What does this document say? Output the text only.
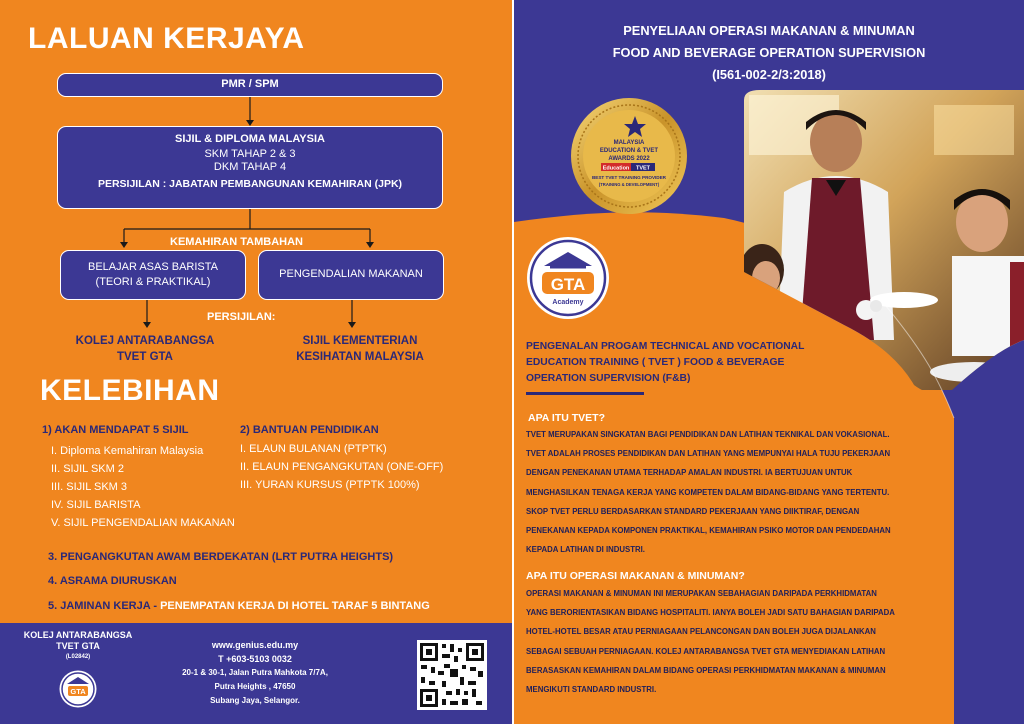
LALUAN KERJAYA
PMR / SPM
SIJIL & DIPLOMA MALAYSIA
SKM TAHAP 2 & 3
DKM TAHAP 4
PERSIJILAN : JABATAN PEMBANGUNAN KEMAHIRAN (JPK)
KEMAHIRAN TAMBAHAN
BELAJAR ASAS BARISTA
(TEORI & PRAKTIKAL)
PENGENDALIAN MAKANAN
PERSIJILAN:
KOLEJ ANTARABANGSA
TVET GTA
SIJIL KEMENTERIAN
KESIHATAN MALAYSIA
KELEBIHAN
1) AKAN MENDAPAT 5 SIJIL
I. Diploma Kemahiran Malaysia
II. SIJIL SKM 2
III. SIJIL SKM 3
IV. SIJIL BARISTA
V. SIJIL PENGENDALIAN MAKANAN
2) BANTUAN PENDIDIKAN
I. ELAUN BULANAN (PTPTK)
II. ELAUN PENGANGKUTAN (ONE-OFF)
III. YURAN KURSUS (PTPTK 100%)
3. PENGANGKUTAN AWAM BERDEKATAN (LRT PUTRA HEIGHTS)
4. ASRAMA DIURUSKAN
5. JAMINAN KERJA - PENEMPATAN KERJA DI HOTEL TARAF 5 BINTANG
KOLEJ ANTARABANGSA
TVET GTA
(L02842)
GTA
www.genius.edu.my
T +603-5103 0032
20-1 & 30-1, Jalan Putra Mahkota 7/7A,
Putra Heights , 47650
Subang Jaya, Selangor.
PENYELIAAN OPERASI MAKANAN & MINUMAN
FOOD AND BEVERAGE OPERATION SUPERVISION
(I561-002-2/3:2018)
MALAYSIA
EDUCATION & TVET
AWARDS 2022
Education TVET
BEST TVET TRAINING PROVIDER
(TRAINING & DEVELOPMENT)
GTA
Academy
PENGENALAN PROGAM TECHNICAL AND VOCATIONAL
EDUCATION TRAINING ( TVET ) FOOD & BEVERAGE
OPERATION SUPERVISION (F&B)
APA ITU TVET?
TVET MERUPAKAN SINGKATAN BAGI PENDIDIKAN DAN LATIHAN TEKNIKAL DAN VOKASIONAL.
TVET ADALAH PROSES PENDIDIKAN DAN LATIHAN YANG MEMPUNYAI HALA TUJU PEKERJAAN
DENGAN PENEKANAN UTAMA TERHADAP AMALAN INDUSTRI. IA BERTUJUAN UNTUK
MENGHASILKAN TENAGA KERJA YANG KOMPETEN DALAM BIDANG-BIDANG YANG TERTENTU.
SKOP TVET PERLU BERDASARKAN STANDARD PEKERJAAN YANG DIIKTIRAF, DENGAN
PENEKANAN KEPADA KOMPONEN PRAKTIKAL, KEMAHIRAN PSIKO MOTOR DAN PENDEDAHAN
KEPADA LATIHAN DI INDUSTRI.
APA ITU OPERASI MAKANAN & MINUMAN?
OPERASI MAKANAN & MINUMAN INI MERUPAKAN SEBAHAGIAN DARIPADA PERKHIDMATAN
YANG BERORIENTASIKAN BIDANG HOSPITALITI. IANYA BOLEH JADI SATU BAHAGIAN DARIPADA
HOTEL-HOTEL BESAR ATAU PERNIAGAAN PELANCONGAN DAN BOLEH JUGA DIJALANKAN
SEBAGAI SEBUAH PERNIAGAAN. KOLEJ ANTARABANGSA TVET GTA MENYEDIAKAN LATIHAN
BERASASKAN KEMAHIRAN DALAM BIDANG OPERASI PERKHIDMATAN MAKANAN & MINUMAN
MENGIKUTI STANDARD INDUSTRI.
